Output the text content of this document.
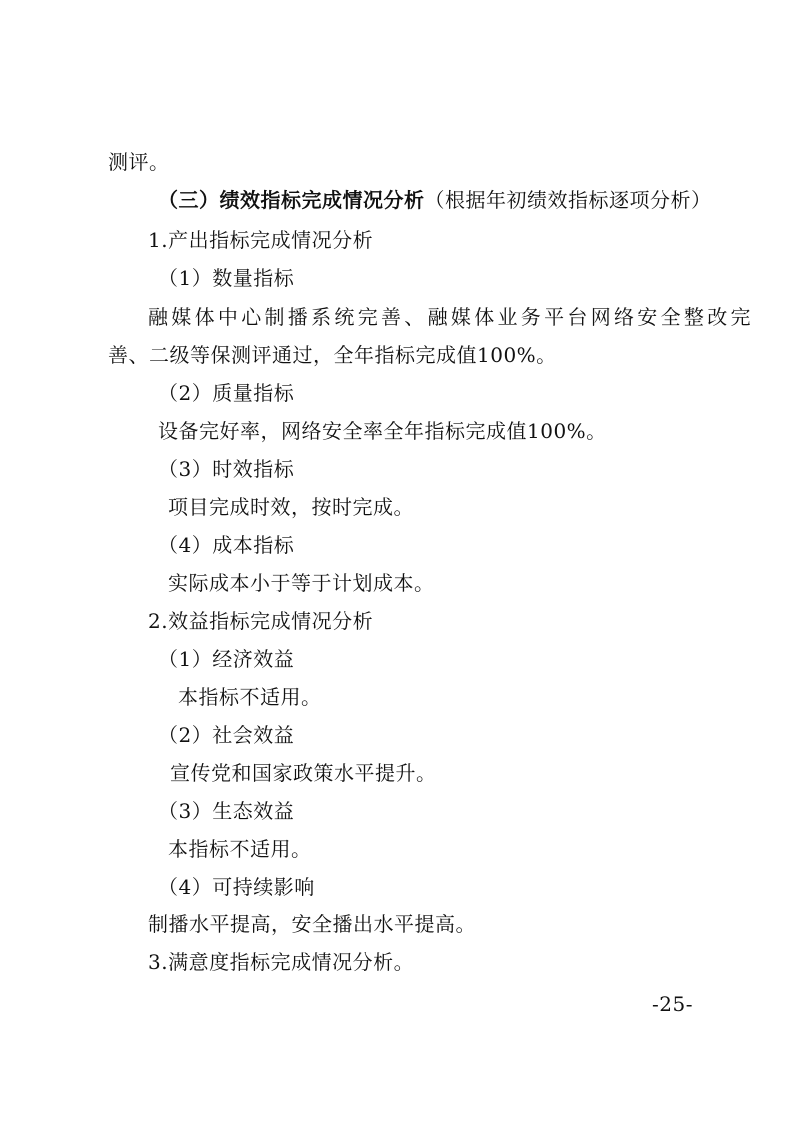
测评。
（三）绩效指标完成情况分析（根据年初绩效指标逐项分析）
1.产出指标完成情况分析
（1）数量指标
融媒体中心制播系统完善、融媒体业务平台网络安全整改完
善、二级等保测评通过，全年指标完成值100%。
（2）质量指标
设备完好率，网络安全率全年指标完成值100%。
（3）时效指标
项目完成时效，按时完成。
（4）成本指标
实际成本小于等于计划成本。
2.效益指标完成情况分析
（1）经济效益
本指标不适用。
（2）社会效益
宣传党和国家政策水平提升。
（3）生态效益
本指标不适用。
（4）可持续影响
制播水平提高，安全播出水平提高。
3.满意度指标完成情况分析。
-25-
